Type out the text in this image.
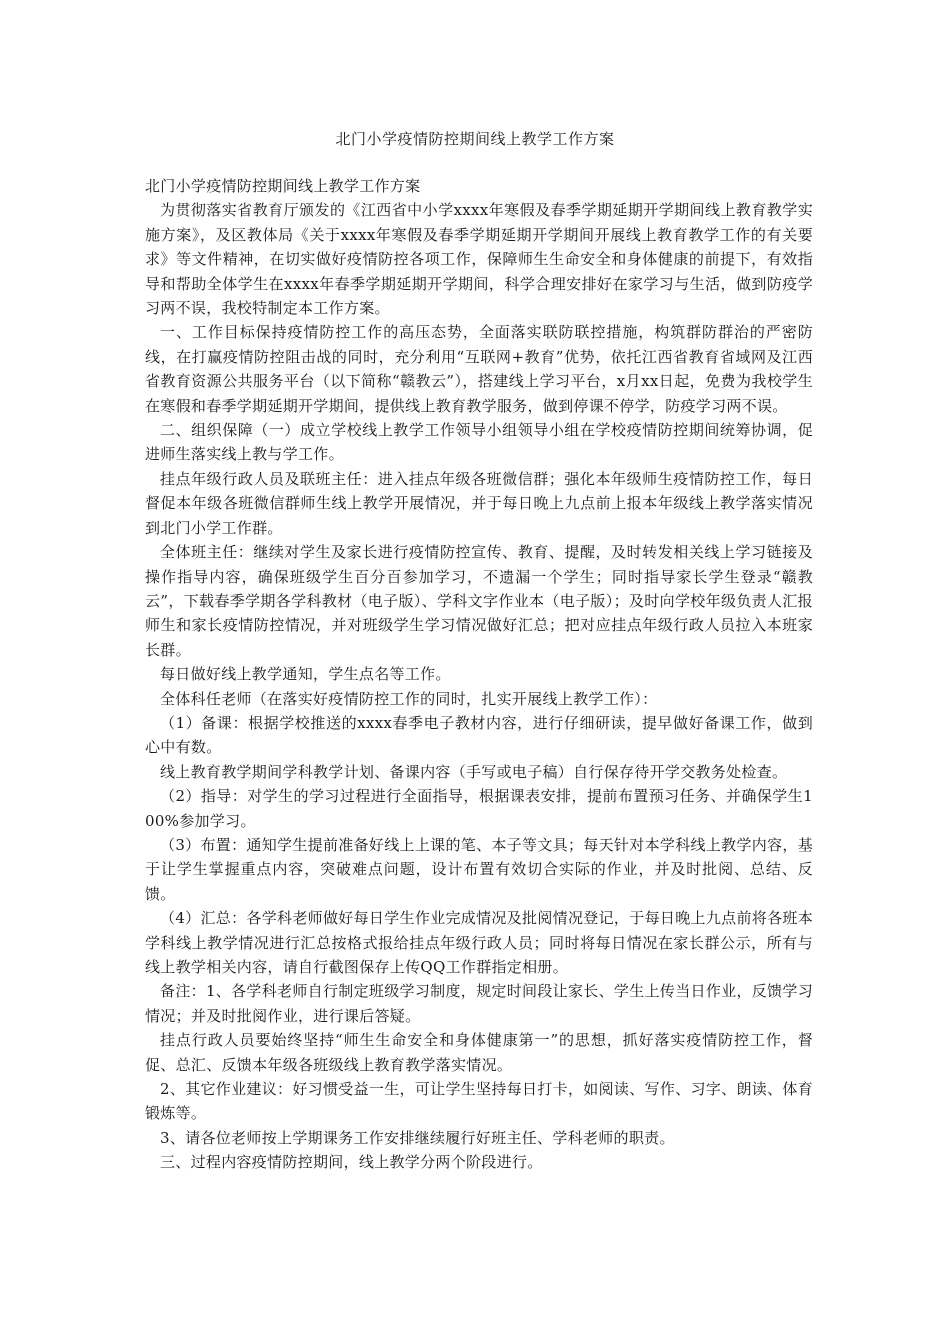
北门小学疫情防控期间线上教学工作方案

北门小学疫情防控期间线上教学工作方案

为贯彻落实省教育厅颁发的《江西省中小学xxxx年寒假及春季学期延期开学期间线上教育教学实施方案》，及区教体局《关于xxxx年寒假及春季学期延期开学期间开展线上教育教学工作的有关要求》等文件精神，在切实做好疫情防控各项工作，保障师生生命安全和身体健康的前提下，有效指导和帮助全体学生在xxxx年春季学期延期开学期间，科学合理安排好在家学习与生活，做到防疫学习两不误，我校特制定本工作方案。

一、工作目标保持疫情防控工作的高压态势，全面落实联防联控措施，构筑群防群治的严密防线，在打赢疫情防控阻击战的同时，充分利用“互联网+教育”优势，依托江西省教育省域网及江西省教育资源公共服务平台（以下简称“赣教云”），搭建线上学习平台，x月xx日起，免费为我校学生在寒假和春季学期延期开学期间，提供线上教育教学服务，做到停课不停学，防疫学习两不误。

二、组织保障（一）成立学校线上教学工作领导小组领导小组在学校疫情防控期间统筹协调，促进师生落实线上教与学工作。

挂点年级行政人员及联班主任：进入挂点年级各班微信群；强化本年级师生疫情防控工作，每日督促本年级各班微信群师生线上教学开展情况，并于每日晚上九点前上报本年级线上教学落实情况到北门小学工作群。

全体班主任：继续对学生及家长进行疫情防控宣传、教育、提醒，及时转发相关线上学习链接及操作指导内容，确保班级学生百分百参加学习，不遗漏一个学生；同时指导家长学生登录“赣教云”，下载春季学期各学科教材（电子版）、学科文字作业本（电子版）；及时向学校年级负责人汇报师生和家长疫情防控情况，并对班级学生学习情况做好汇总；把对应挂点年级行政人员拉入本班家长群。

每日做好线上教学通知，学生点名等工作。

全体科任老师（在落实好疫情防控工作的同时，扎实开展线上教学工作）：

（1）备课：根据学校推送的xxxx春季电子教材内容，进行仔细研读，提早做好备课工作，做到心中有数。

线上教育教学期间学科教学计划、备课内容（手写或电子稿）自行保存待开学交教务处检查。

（2）指导：对学生的学习过程进行全面指导，根据课表安排，提前布置预习任务、并确保学生100%参加学习。

（3）布置：通知学生提前准备好线上上课的笔、本子等文具；每天针对本学科线上教学内容，基于让学生掌握重点内容，突破难点问题，设计布置有效切合实际的作业，并及时批阅、总结、反馈。

（4）汇总：各学科老师做好每日学生作业完成情况及批阅情况登记，于每日晚上九点前将各班本学科线上教学情况进行汇总按格式报给挂点年级行政人员；同时将每日情况在家长群公示，所有与线上教学相关内容，请自行截图保存上传QQ工作群指定相册。

备注：1、各学科老师自行制定班级学习制度，规定时间段让家长、学生上传当日作业，反馈学习情况；并及时批阅作业，进行课后答疑。

挂点行政人员要始终坚持“师生生命安全和身体健康第一”的思想，抓好落实疫情防控工作，督促、总汇、反馈本年级各班级线上教育教学落实情况。

2、其它作业建议：好习惯受益一生，可让学生坚持每日打卡，如阅读、写作、习字、朗读、体育锻炼等。

3、请各位老师按上学期课务工作安排继续履行好班主任、学科老师的职责。

三、过程内容疫情防控期间，线上教学分两个阶段进行。
